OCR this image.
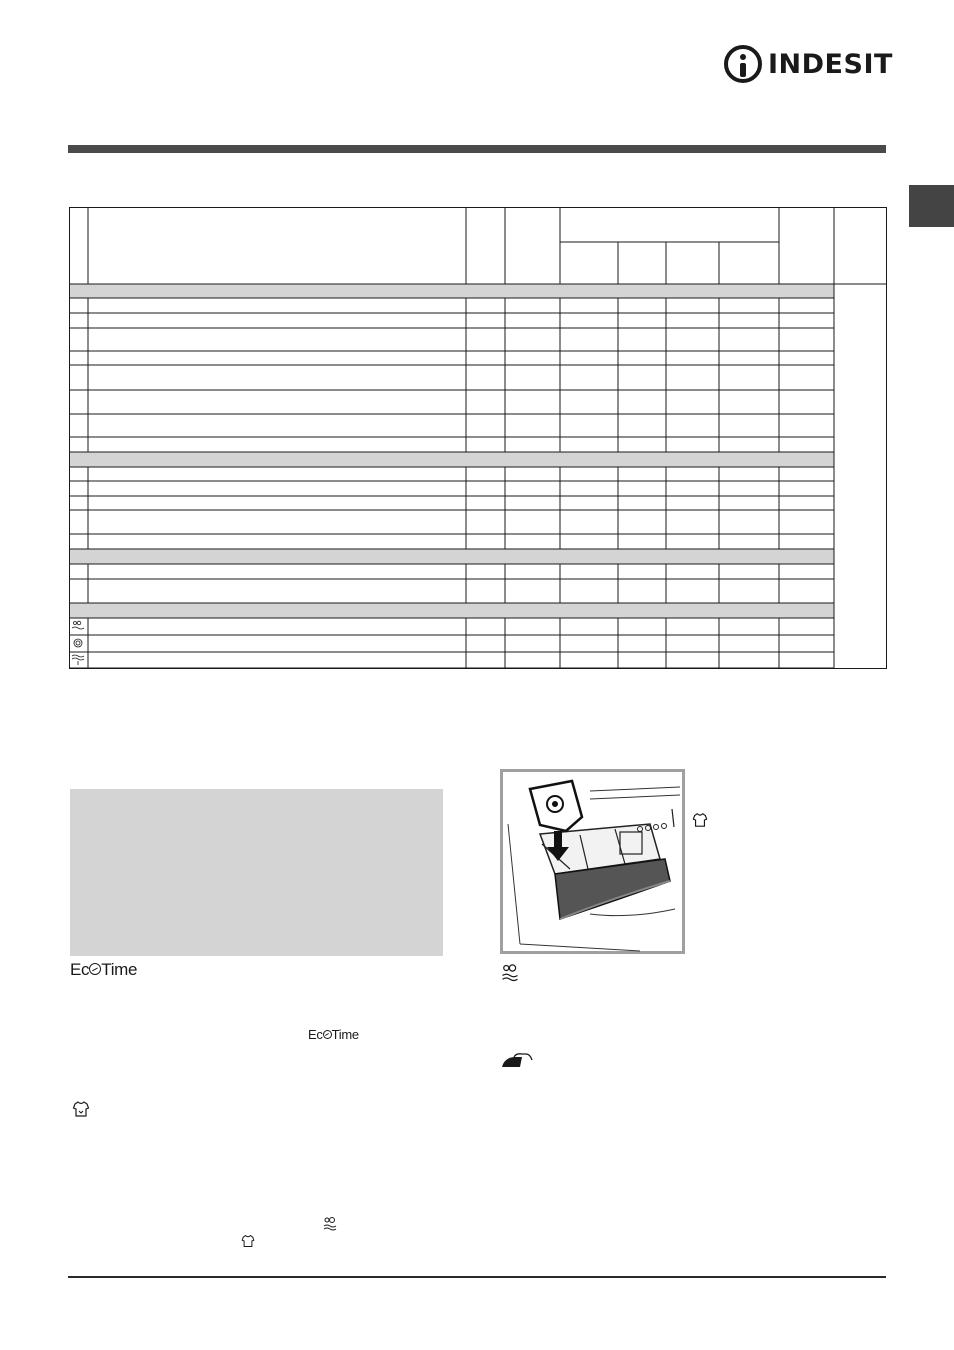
INDESIT
Ec Time
Ec Time
